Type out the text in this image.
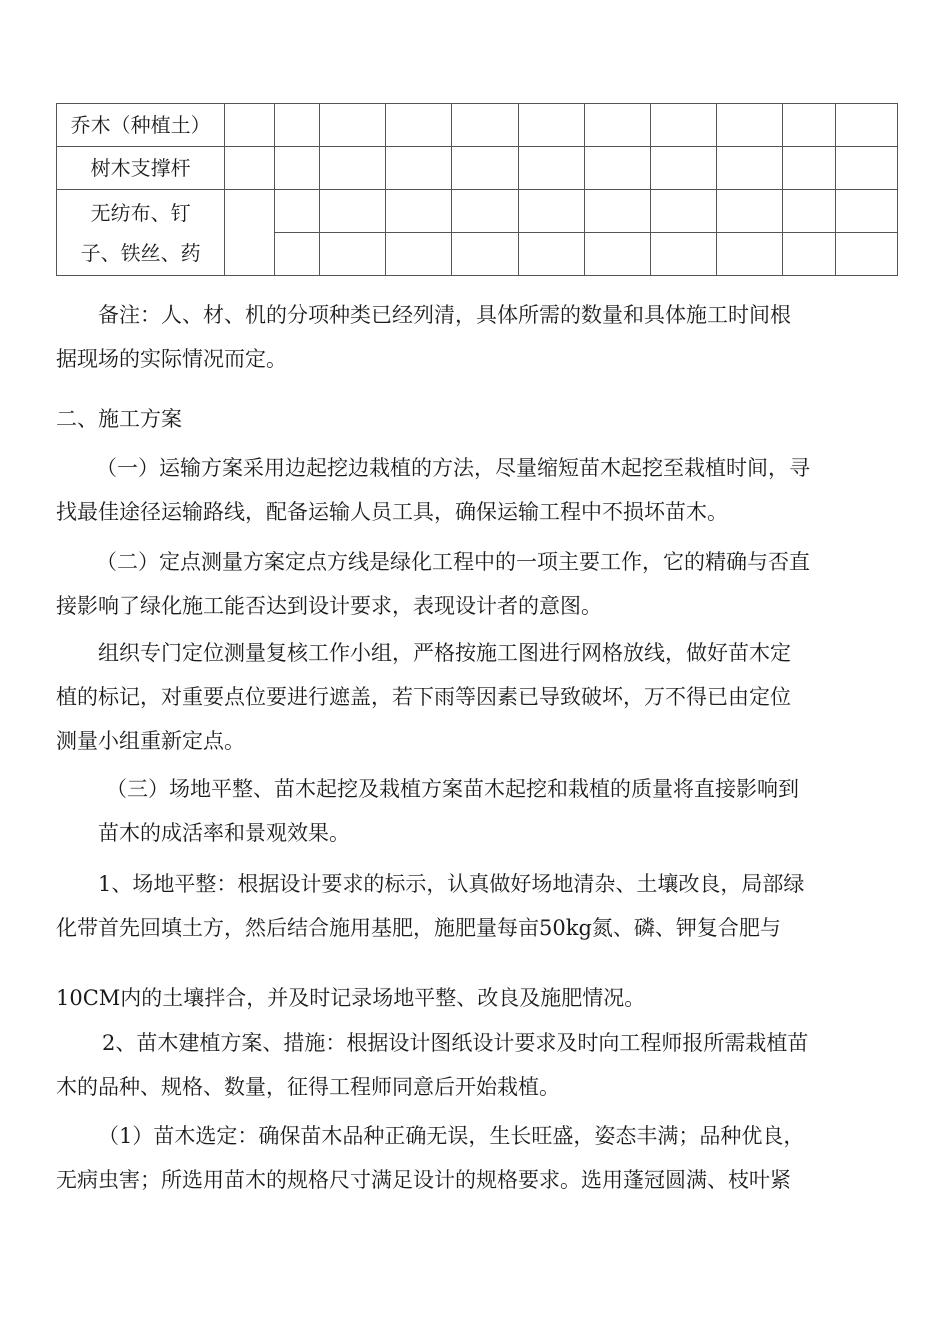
乔木（种植土）											

树木支撑杆											

无纺布、钉
子、铁丝、药											

备注：人、材、机的分项种类已经列清，具体所需的数量和具体施工时间根
据现场的实际情况而定。

二、施工方案

（一）运输方案采用边起挖边栽植的方法，尽量缩短苗木起挖至栽植时间，寻
找最佳途径运输路线，配备运输人员工具，确保运输工程中不损坏苗木。

（二）定点测量方案定点方线是绿化工程中的一项主要工作，它的精确与否直
接影响了绿化施工能否达到设计要求，表现设计者的意图。

组织专门定位测量复核工作小组，严格按施工图进行网格放线，做好苗木定
植的标记，对重要点位要进行遮盖，若下雨等因素已导致破坏，万不得已由定位
测量小组重新定点。

（三）场地平整、苗木起挖及栽植方案苗木起挖和栽植的质量将直接影响到
苗木的成活率和景观效果。

1、场地平整：根据设计要求的标示，认真做好场地清杂、土壤改良，局部绿
化带首先回填土方，然后结合施用基肥，施肥量每亩50kg氮、磷、钾复合肥与

10CM内的土壤拌合，并及时记录场地平整、改良及施肥情况。

2、苗木建植方案、措施：根据设计图纸设计要求及时向工程师报所需栽植苗
木的品种、规格、数量，征得工程师同意后开始栽植。

（1）苗木选定：确保苗木品种正确无误，生长旺盛，姿态丰满；品种优良，
无病虫害；所选用苗木的规格尺寸满足设计的规格要求。选用蓬冠圆满、枝叶紧
